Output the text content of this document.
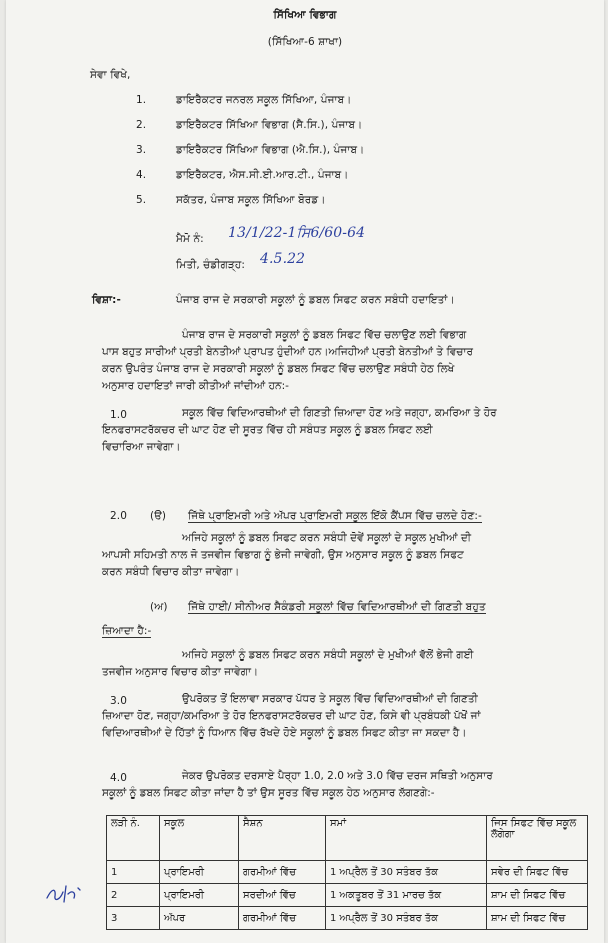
ਸਿੱਖਿਆ ਵਿਭਾਗ
(ਸਿੱਖਿਆ-6 ਸ਼ਾਖਾ)
ਸੇਵਾ ਵਿਖੇ,
1.	ਡਾਇਰੈਕਟਰ ਜਨਰਲ ਸਕੂਲ ਸਿੱਖਿਆ, ਪੰਜਾਬ।
2.	ਡਾਇਰੈਕਟਰ ਸਿੱਖਿਆ ਵਿਭਾਗ (ਸੈ.ਸਿ.), ਪੰਜਾਬ।
3.	ਡਾਇਰੈਕਟਰ ਸਿੱਖਿਆ ਵਿਭਾਗ (ਐ.ਸਿ.), ਪੰਜਾਬ।
4.	ਡਾਇਰੈਕਟਰ, ਐਸ.ਸੀ.ਈ.ਆਰ.ਟੀ., ਪੰਜਾਬ।
5.	ਸਕੱਤਰ, ਪੰਜਾਬ ਸਕੂਲ ਸਿੱਖਿਆ ਬੋਰਡ।
ਮੈਮੋ ਨੰ: 13/1/22-1ਸਿ6/60-64
ਮਿਤੀ, ਚੰਡੀਗੜ੍ਹ: 4.5.22
ਵਿਸ਼ਾ:-	ਪੰਜਾਬ ਰਾਜ ਦੇ ਸਰਕਾਰੀ ਸਕੂਲਾਂ ਨੂੰ ਡਬਲ ਸਿਫਟ ਕਰਨ ਸਬੰਧੀ ਹਦਾਇਤਾਂ।
ਪੰਜਾਬ ਰਾਜ ਦੇ ਸਰਕਾਰੀ ਸਕੂਲਾਂ ਨੂੰ ਡਬਲ ਸਿਫਟ ਵਿੱਚ ਚਲਾਉਣ ਲਈ ਵਿਭਾਗ
ਪਾਸ ਬਹੁਤ ਸਾਰੀਆਂ ਪ੍ਰਤੀ ਬੇਨਤੀਆਂ ਪ੍ਰਾਪਤ ਹੁੰਦੀਆਂ ਹਨ।ਅਜਿਹੀਆਂ ਪ੍ਰਤੀ ਬੇਨਤੀਆਂ ਤੇ ਵਿਚਾਰ
ਕਰਨ ਉਪਰੰਤ ਪੰਜਾਬ ਰਾਜ ਦੇ ਸਰਕਾਰੀ ਸਕੂਲਾਂ ਨੂੰ ਡਬਲ ਸਿਫਟ ਵਿੱਚ ਚਲਾਉਣ ਸਬੰਧੀ ਹੇਠ ਲਿਖੇ
ਅਨੁਸਾਰ ਹਦਾਇਤਾਂ ਜਾਰੀ ਕੀਤੀਆਂ ਜਾਂਦੀਆਂ ਹਨ:-
1.0	ਸਕੂਲ ਵਿੱਚ ਵਿਦਿਆਰਥੀਆਂ ਦੀ ਗਿਣਤੀ ਜ਼ਿਆਦਾ ਹੋਣ ਅਤੇ ਜਗ੍ਹਾ, ਕਮਰਿਆ ਤੇ ਹੋਰ
ਇਨਫਰਾਸਟਰੱਕਚਰ ਦੀ ਘਾਟ ਹੋਣ ਦੀ ਸੂਰਤ ਵਿੱਚ ਹੀ ਸਬੰਧਤ ਸਕੂਲ ਨੂੰ ਡਬਲ ਸਿਫਟ ਲਈ
ਵਿਚਾਰਿਆ ਜਾਵੇਗਾ।
2.0 (ੳ) ਜਿੱਥੇ ਪ੍ਰਾਇਮਰੀ ਅਤੇ ਅੱਪਰ ਪ੍ਰਾਇਮਰੀ ਸਕੂਲ ਇੱਕੋ ਕੈਂਪਸ ਵਿੱਚ ਚਲਦੇ ਹੋਣ:-
ਅਜਿਹੇ ਸਕੂਲਾਂ ਨੂੰ ਡਬਲ ਸਿਫਟ ਕਰਨ ਸਬੰਧੀ ਦੋਵੇਂ ਸਕੂਲਾਂ ਦੇ ਸਕੂਲ ਮੁਖੀਆਂ ਦੀ
ਆਪਸੀ ਸਹਿਮਤੀ ਨਾਲ ਜੋ ਤਜਵੀਜ ਵਿਭਾਗ ਨੂੰ ਭੇਜੀ ਜਾਵੇਗੀ, ਉਸ ਅਨੁਸਾਰ ਸਕੂਲ ਨੂੰ ਡਬਲ ਸਿਫਟ
ਕਰਨ ਸਬੰਧੀ ਵਿਚਾਰ ਕੀਤਾ ਜਾਵੇਗਾ।
(ਅ) ਜਿੱਥੇ ਹਾਈ/ ਸੀਨੀਅਰ ਸੈਕੰਡਰੀ ਸਕੂਲਾਂ ਵਿੱਚ ਵਿਦਿਆਰਥੀਆਂ ਦੀ ਗਿਣਤੀ ਬਹੁਤ
ਜ਼ਿਆਦਾ ਹੈ:-
ਅਜਿਹੇ ਸਕੂਲਾਂ ਨੂੰ ਡਬਲ ਸਿਫਟ ਕਰਨ ਸਬੰਧੀ ਸਕੂਲਾਂ ਦੇ ਮੁਖੀਆਂ ਵੱਲੋਂ ਭੇਜੀ ਗਈ
ਤਜਵੀਜ ਅਨੁਸਾਰ ਵਿਚਾਰ ਕੀਤਾ ਜਾਵੇਗਾ।
3.0	ਉਪਰੋਕਤ ਤੋਂ ਇਲਾਵਾ ਸਰਕਾਰ ਪੱਧਰ ਤੇ ਸਕੂਲ ਵਿੱਚ ਵਿਦਿਆਰਥੀਆਂ ਦੀ ਗਿਣਤੀ
ਜ਼ਿਆਦਾ ਹੋਣ, ਜਗ੍ਹਾ/ਕਮਰਿਆ ਤੇ ਹੋਰ ਇਨਫਰਾਸਟਰੱਕਚਰ ਦੀ ਘਾਟ ਹੋਣ, ਕਿਸੇ ਵੀ ਪ੍ਰਬੰਧਕੀ ਪੱਖੋਂ ਜਾਂ
ਵਿਦਿਆਰਥੀਆਂ ਦੇ ਹਿੱਤਾਂ ਨੂੰ ਧਿਆਨ ਵਿੱਚ ਰੱਖਦੇ ਹੋਏ ਸਕੂਲਾਂ ਨੂੰ ਡਬਲ ਸਿਫਟ ਕੀਤਾ ਜਾ ਸਕਦਾ ਹੈ।
4.0	ਜੇਕਰ ਉਪਰੋਕਤ ਦਰਸਾਏ ਪੈਰ੍ਹਾ 1.0, 2.0 ਅਤੇ 3.0 ਵਿੱਚ ਦਰਜ ਸਥਿਤੀ ਅਨੁਸਾਰ
ਸਕੂਲਾਂ ਨੂੰ ਡਬਲ ਸਿਫਟ ਕੀਤਾ ਜਾਂਦਾ ਹੈ ਤਾਂ ਉਸ ਸੂਰਤ ਵਿੱਚ ਸਕੂਲ ਹੇਠ ਅਨੁਸਾਰ ਲੱਗਣਗੇ:-
ਲੜੀ ਨੰ.	ਸਕੂਲ	ਸੈਸ਼ਨ	ਸਮਾਂ	ਜਿਸ ਸਿਫਟ ਵਿੱਚ ਸਕੂਲ ਲੱਗੇਗਾ
1	ਪ੍ਰਾਇਮਰੀ	ਗਰਮੀਆਂ ਵਿੱਚ	1 ਅਪ੍ਰੈਲ ਤੋਂ 30 ਸਤੰਬਰ ਤੱਕ	ਸਵੇਰ ਦੀ ਸਿਫਟ ਵਿੱਚ
2	ਪ੍ਰਾਇਮਰੀ	ਸਰਦੀਆਂ ਵਿੱਚ	1 ਅਕਤੂਬਰ ਤੋਂ 31 ਮਾਰਚ ਤੱਕ	ਸ਼ਾਮ ਦੀ ਸਿਫਟ ਵਿੱਚ
3	ਅੱਪਰ	ਗਰਮੀਆਂ ਵਿੱਚ	1 ਅਪ੍ਰੈਲ ਤੋਂ 30 ਸਤੰਬਰ ਤੱਕ	ਸ਼ਾਮ ਦੀ ਸਿਫਟ ਵਿੱਚ
